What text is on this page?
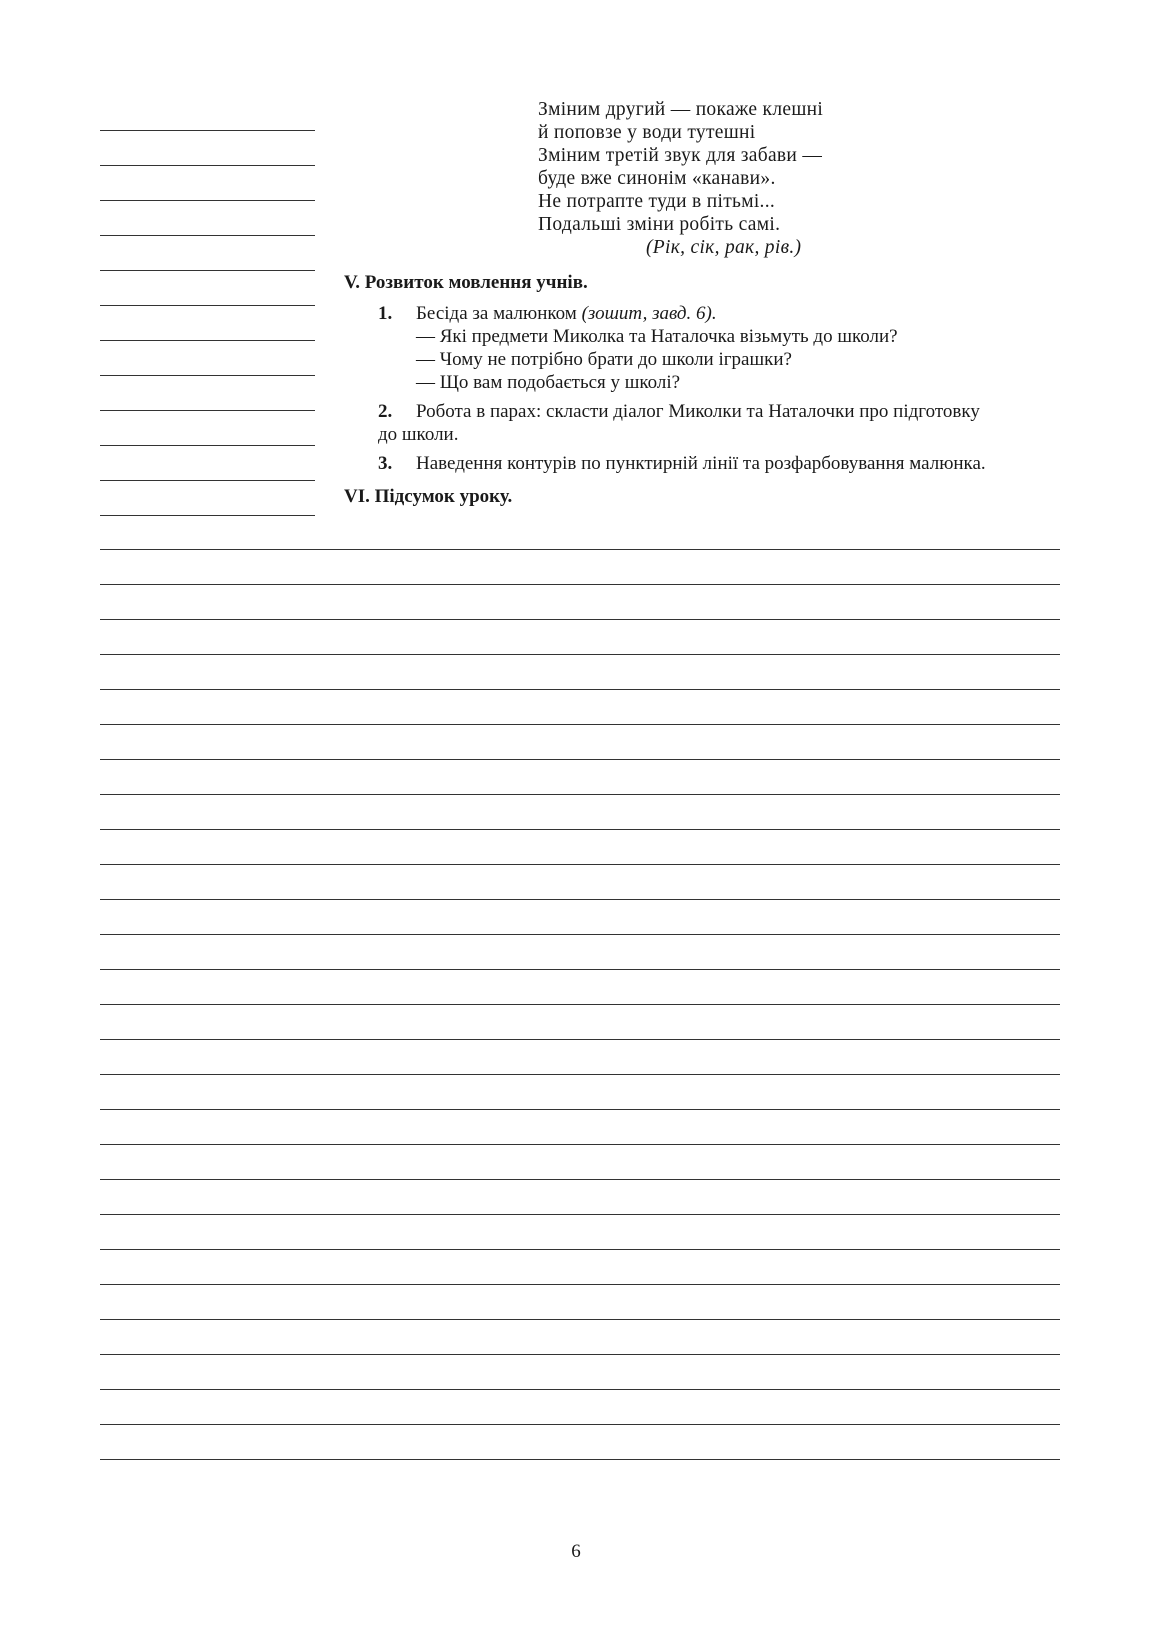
Зміним другий — покаже клешні
й поповзе у води тутешні
Зміним третій звук для забави —
буде вже синонім «канави».
Не потрапте туди в пітьмі...
Подальші зміни робіть самі.
(Рік, сік, рак, рів.)
V. Розвиток мовлення учнів.
1. Бесіда за малюнком (зошит, завд. 6).
— Які предмети Миколка та Наталочка візьмуть до школи?
— Чому не потрібно брати до школи іграшки?
— Що вам подобається у школі?
2. Робота в парах: скласти діалог Миколки та Наталочки про підготовку
до школи.
3. Наведення контурів по пунктирній лінії та розфарбовування малюнка.
VI. Підсумок уроку.
6
